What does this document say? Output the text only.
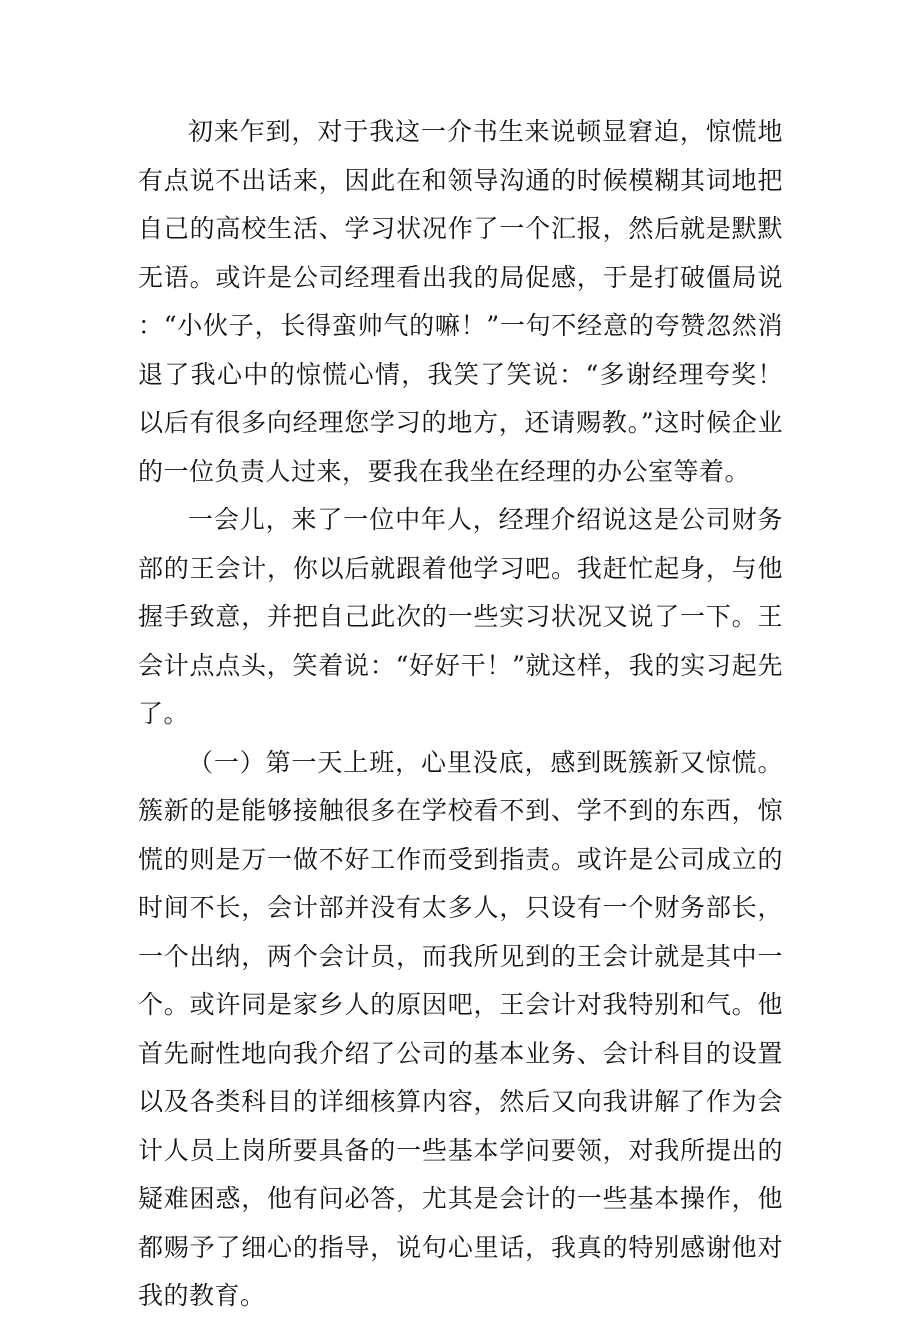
初来乍到，对于我这一介书生来说顿显窘迫，惊慌地有点说不出话来，因此在和领导沟通的时候模糊其词地把自己的高校生活、学习状况作了一个汇报，然后就是默默无语。或许是公司经理看出我的局促感，于是打破僵局说：“小伙子，长得蛮帅气的嘛！”一句不经意的夸赞忽然消退了我心中的惊慌心情，我笑了笑说：“多谢经理夸奖！以后有很多向经理您学习的地方，还请赐教。”这时候企业的一位负责人过来，要我在我坐在经理的办公室等着。

一会儿，来了一位中年人，经理介绍说这是公司财务部的王会计，你以后就跟着他学习吧。我赶忙起身，与他握手致意，并把自己此次的一些实习状况又说了一下。王会计点点头，笑着说：“好好干！”就这样，我的实习起先了。

（一）第一天上班，心里没底，感到既簇新又惊慌。簇新的是能够接触很多在学校看不到、学不到的东西，惊慌的则是万一做不好工作而受到指责。或许是公司成立的时间不长，会计部并没有太多人，只设有一个财务部长，一个出纳，两个会计员，而我所见到的王会计就是其中一个。或许同是家乡人的原因吧，王会计对我特别和气。他首先耐性地向我介绍了公司的基本业务、会计科目的设置以及各类科目的详细核算内容，然后又向我讲解了作为会计人员上岗所要具备的一些基本学问要领，对我所提出的疑难困惑，他有问必答，尤其是会计的一些基本操作，他都赐予了细心的指导，说句心里话，我真的特别感谢他对我的教育。
